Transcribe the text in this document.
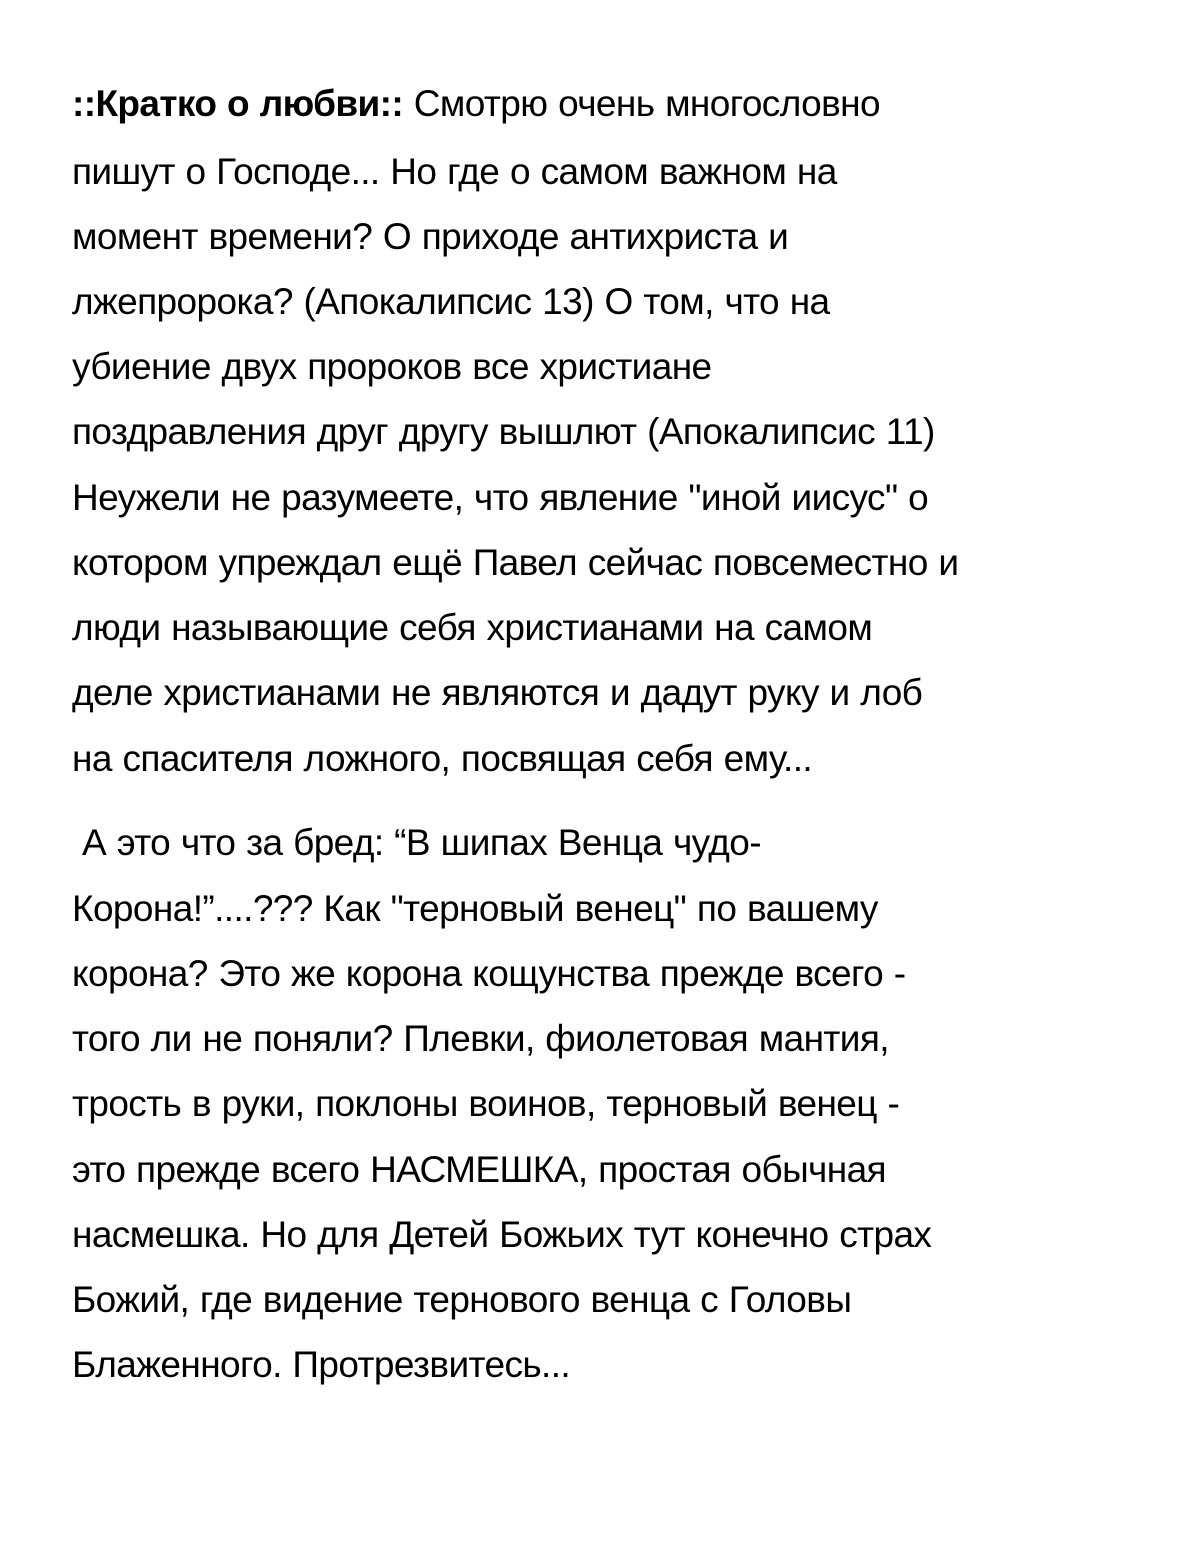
::Кратко о любви:: Смотрю очень многословно
пишут о Господе... Но где о самом важном на
момент времени? О приходе антихриста и
лжепророка? (Апокалипсис 13) О том, что на
убиение двух пророков все христиане
поздравления друг другу вышлют (Апокалипсис 11)
Неужели не разумеете, что явление "иной иисус" о
котором упреждал ещё Павел сейчас повсеместно и
люди называющие себя христианами на самом
деле христианами не являются и дадут руку и лоб
на спасителя ложного, посвящая себя ему...
А это что за бред: “В шипах Венца чудо-
Корона!”....??? Как "терновый венец" по вашему
корона? Это же корона кощунства прежде всего -
того ли не поняли? Плевки, фиолетовая мантия,
трость в руки, поклоны воинов, терновый венец -
это прежде всего НАСМЕШКА, простая обычная
насмешка. Но для Детей Божьих тут конечно страх
Божий, где видение тернового венца с Головы
Блаженного. Протрезвитесь...
